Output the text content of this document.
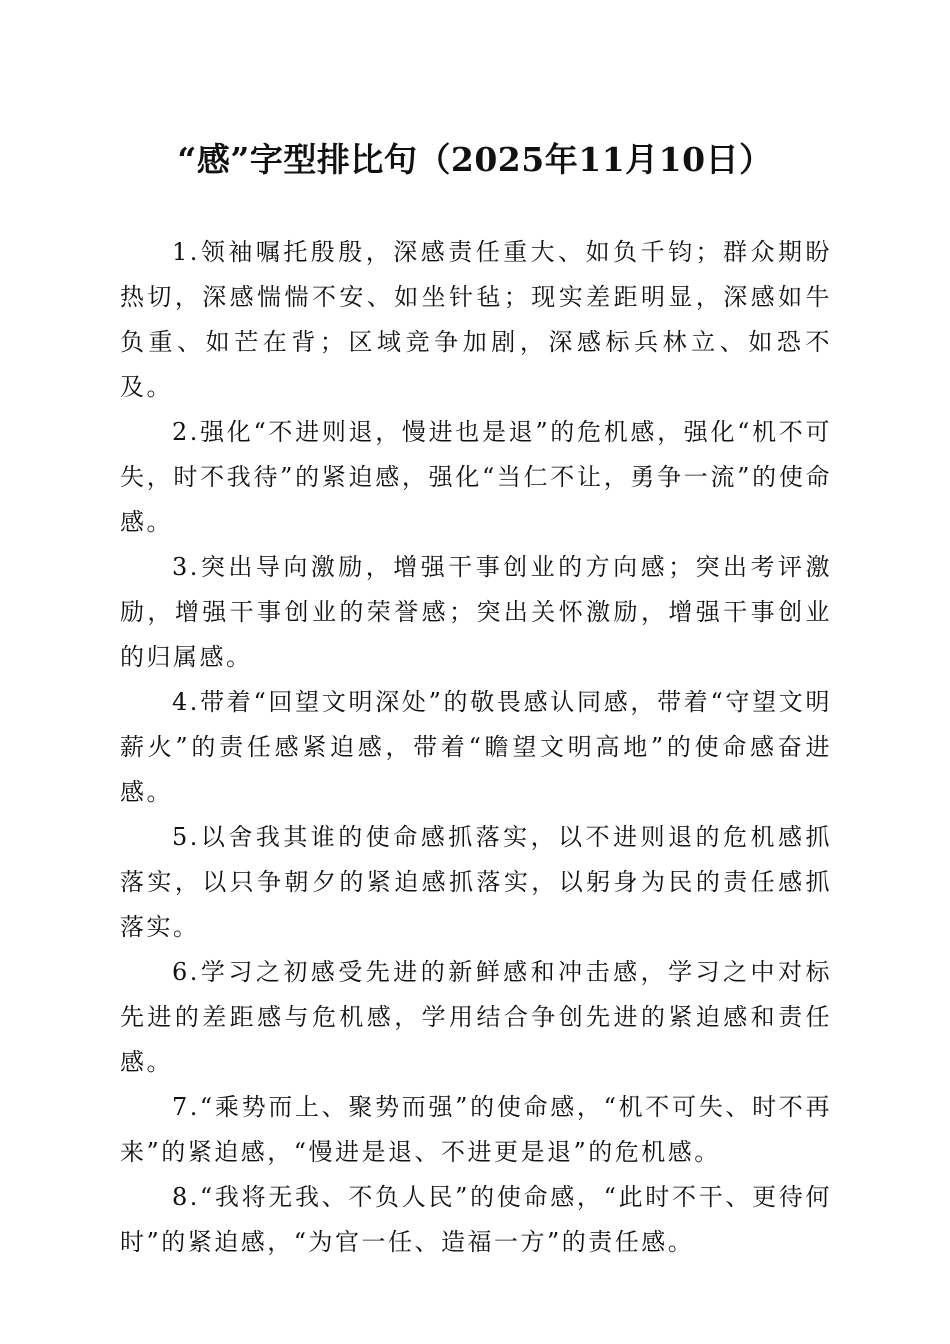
“感”字型排比句（2025年11月10日）

1.领袖嘱托殷殷，深感责任重大、如负千钧；群众期盼热切，深感惴惴不安、如坐针毡；现实差距明显，深感如牛负重、如芒在背；区域竞争加剧，深感标兵林立、如恐不及。

2.强化“不进则退，慢进也是退”的危机感，强化“机不可失，时不我待”的紧迫感，强化“当仁不让，勇争一流”的使命感。

3.突出导向激励，增强干事创业的方向感；突出考评激励，增强干事创业的荣誉感；突出关怀激励，增强干事创业的归属感。

4.带着“回望文明深处”的敬畏感认同感，带着“守望文明薪火”的责任感紧迫感，带着“瞻望文明高地”的使命感奋进感。

5.以舍我其谁的使命感抓落实，以不进则退的危机感抓落实，以只争朝夕的紧迫感抓落实，以躬身为民的责任感抓落实。

6.学习之初感受先进的新鲜感和冲击感，学习之中对标先进的差距感与危机感，学用结合争创先进的紧迫感和责任感。

7.“乘势而上、聚势而强”的使命感，“机不可失、时不再来”的紧迫感，“慢进是退、不进更是退”的危机感。

8.“我将无我、不负人民”的使命感，“此时不干、更待何时”的紧迫感，“为官一任、造福一方”的责任感。
